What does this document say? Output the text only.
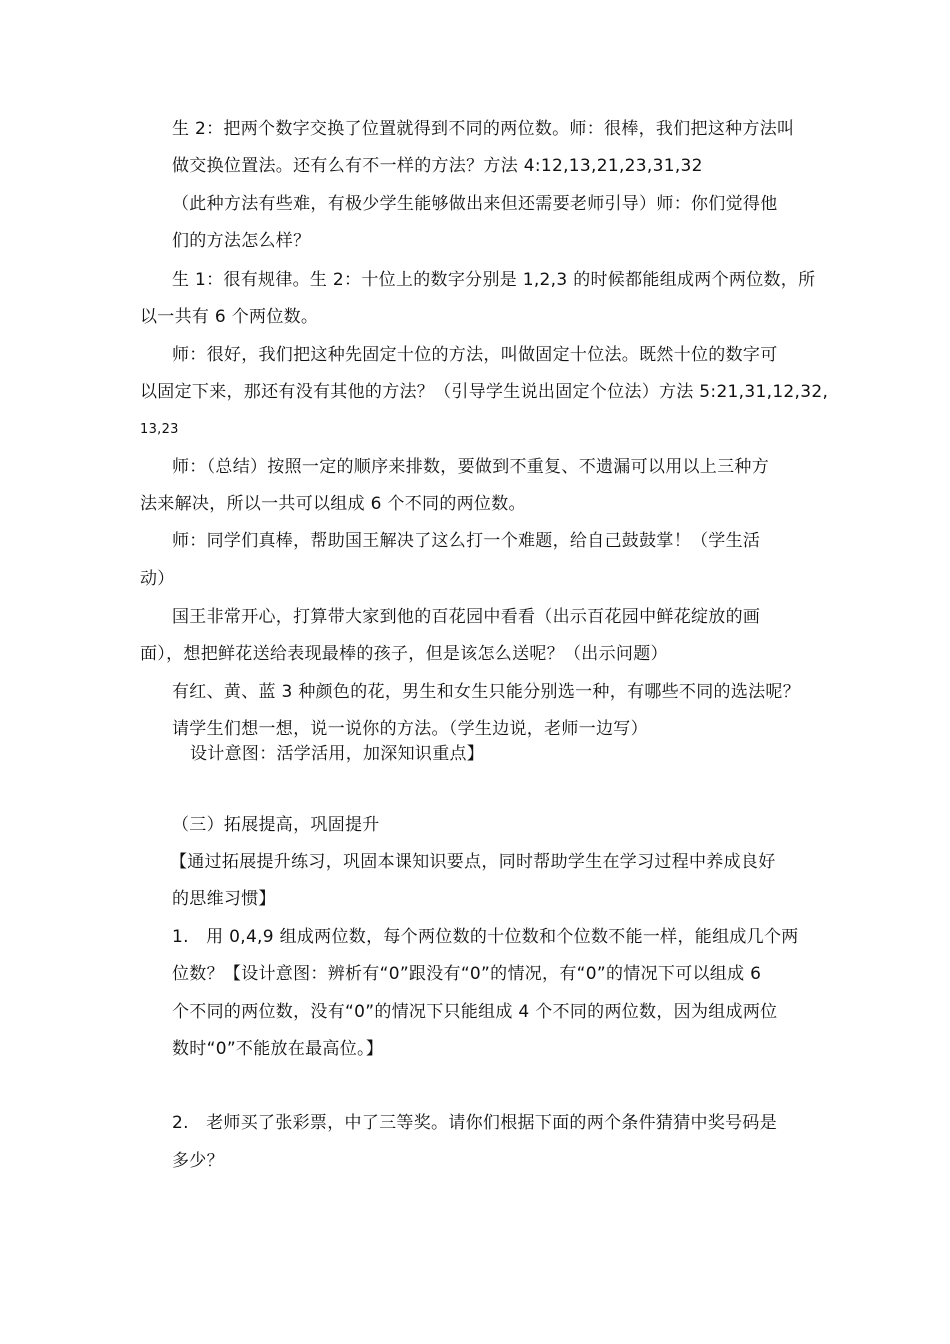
生 2：把两个数字交换了位置就得到不同的两位数。师：很棒，我们把这种方法叫
做交换位置法。还有么有不一样的方法？方法 4:12,13,21,23,31,32
（此种方法有些难，有极少学生能够做出来但还需要老师引导）师：你们觉得他
们的方法怎么样？
生 1：很有规律。生 2：十位上的数字分别是 1,2,3 的时候都能组成两个两位数，所
以一共有 6 个两位数。
师：很好，我们把这种先固定十位的方法，叫做固定十位法。既然十位的数字可
以固定下来，那还有没有其他的方法？（引导学生说出固定个位法）方法 5:21,31,12,32,
13,23
师：（总结）按照一定的顺序来排数，要做到不重复、不遗漏可以用以上三种方
法来解决，所以一共可以组成 6 个不同的两位数。
师：同学们真棒，帮助国王解决了这么打一个难题，给自己鼓鼓掌！（学生活
动）
国王非常开心，打算带大家到他的百花园中看看（出示百花园中鲜花绽放的画
面），想把鲜花送给表现最棒的孩子，但是该怎么送呢？（出示问题）
有红、黄、蓝 3 种颜色的花，男生和女生只能分别选一种，有哪些不同的选法呢？
请学生们想一想，说一说你的方法。（学生边说，老师一边写）
设计意图：活学活用，加深知识重点】
（三）拓展提高，巩固提升
【通过拓展提升练习，巩固本课知识要点，同时帮助学生在学习过程中养成良好
的思维习惯】
1.　用 0,4,9 组成两位数，每个两位数的十位数和个位数不能一样，能组成几个两
位数？【设计意图：辨析有“0”跟没有“0”的情况，有“0”的情况下可以组成 6
个不同的两位数，没有“0”的情况下只能组成 4 个不同的两位数，因为组成两位
数时“0”不能放在最高位。】
2.　老师买了张彩票，中了三等奖。请你们根据下面的两个条件猜猜中奖号码是
多少？
